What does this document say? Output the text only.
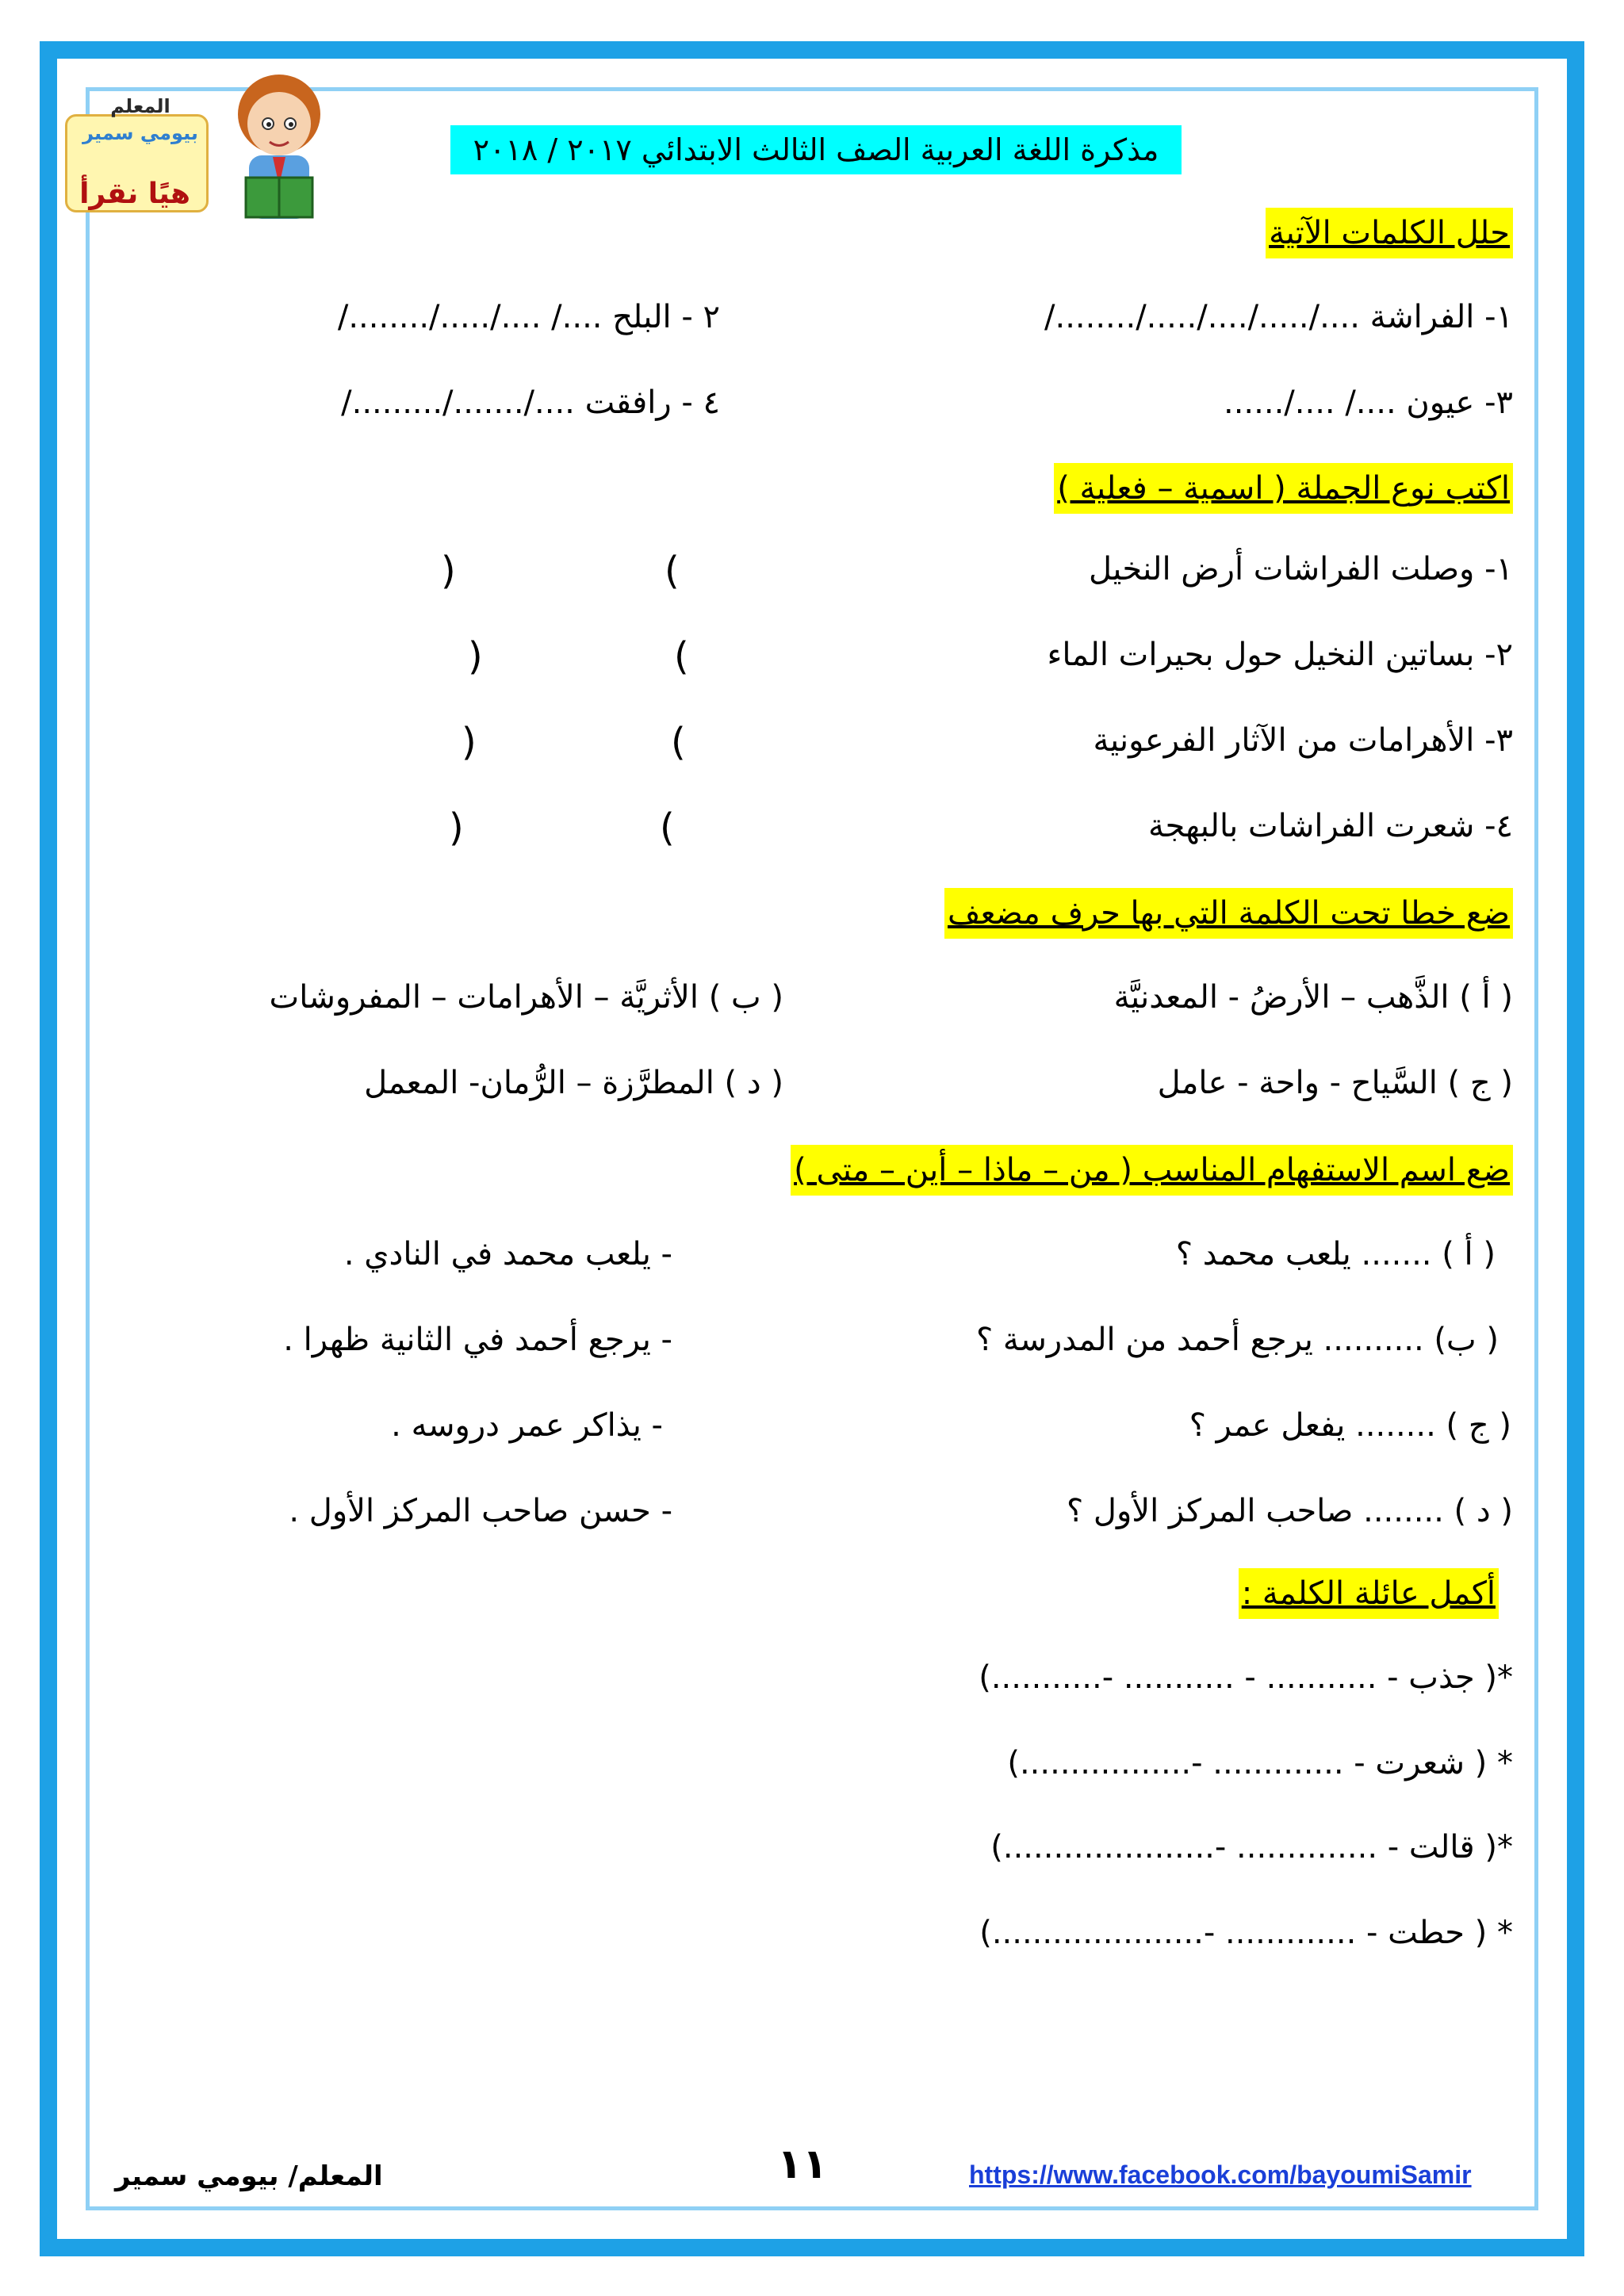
المعلم
بيومي سمير
هيًا نقرأ
مذكرة اللغة العربية الصف الثالث الابتدائي ٢٠١٧ / ٢٠١٨
حلل الكلمات الآتية
١- الفراشة ..../...../..../...../......../
٢ - البلح ..../ ..../...../......../
٣- عيون ..../ ..../......
٤ - رافقت ..../......./........./
اكتب نوع الجملة ( اسمية – فعلية )
١- وصلت الفراشات أرض النخيل
(
)
٢- بساتين النخيل حول بحيرات الماء
(
)
٣- الأهرامات من الآثار الفرعونية
(
)
٤- شعرت الفراشات بالبهجة
(
)
ضع خطا تحت الكلمة التي بها حرف مضعف
( أ ) الذَّهب – الأرضُ - المعدنيَّة
( ب ) الأثريَّة – الأهرامات – المفروشات
( ج ) السَّياح - واحة - عامل
( د ) المطرَّزة – الرُّمان- المعمل
ضع اسم الاستفهام المناسب ( من – ماذا – أين – متى )
( أ ) ....... يلعب محمد ؟
- يلعب محمد في النادي .
( ب) .......... يرجع أحمد من المدرسة ؟
- يرجع أحمد في الثانية ظهرا .
( ج ) ........ يفعل عمر ؟
- يذاكر عمر دروسه .
( د ) ........ صاحب المركز الأول ؟
- حسن صاحب المركز الأول .
أكمل عائلة الكلمة :
*( جذب - ........... - ........... -...........)
* ( شعرت - ............. -.................)
*( قالت - .............. -.....................)
* ( حطت - ............. -.....................)
https://www.facebook.com/bayoumiSamir
١١
المعلم/ بيومي سمير
